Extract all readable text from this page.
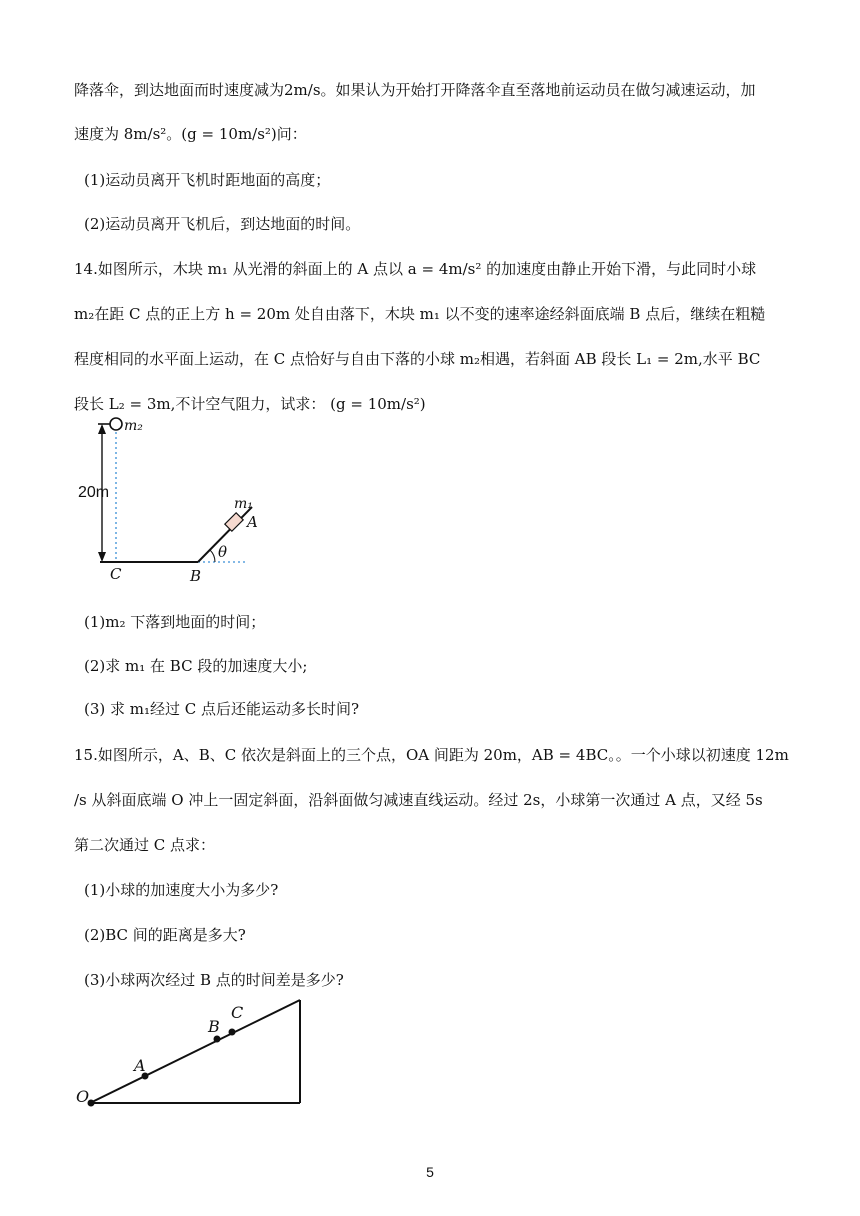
降落伞，到达地面而时速度减为2m/s。如果认为开始打开降落伞直至落地前运动员在做匀减速运动，加
速度为 8m/s²。(g = 10m/s²)问：
(1)运动员离开飞机时距地面的高度；
(2)运动员离开飞机后，到达地面的时间。
14.如图所示，木块 m₁ 从光滑的斜面上的 A 点以 a = 4m/s² 的加速度由静止开始下滑，与此同时小球
m₂在距 C 点的正上方 h = 20m 处自由落下，木块 m₁ 以不变的速率途经斜面底端 B 点后，继续在粗糙
程度相同的水平面上运动，在 C 点恰好与自由下落的小球 m₂相遇，若斜面 AB 段长 L₁ = 2m,水平 BC
段长 L₂ = 3m,不计空气阻力，试求： (g = 10m/s²)
m₂
20m
m₁
A
θ
C	B
(1)m₂ 下落到地面的时间；
(2)求 m₁ 在 BC 段的加速度大小;
(3) 求 m₁经过 C 点后还能运动多长时间?
15.如图所示，A、B、C 依次是斜面上的三个点，OA 间距为 20m，AB = 4BC。。一个小球以初速度 12m
/s 从斜面底端 O 冲上一固定斜面，沿斜面做匀减速直线运动。经过 2s，小球第一次通过 A 点，又经 5s
第二次通过 C 点求：
(1)小球的加速度大小为多少?
(2)BC 间的距离是多大?
(3)小球两次经过 B 点的时间差是多少?
O
A
B
C
5
